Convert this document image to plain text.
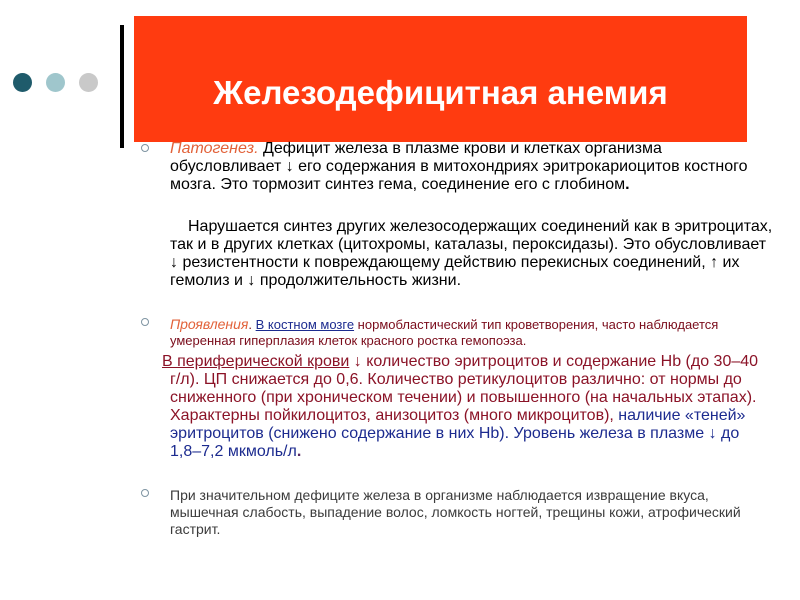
Железодефицитная анемия
Патогенез. Дефицит железа в плазме крови и клетках организма обусловливает ↓ его содержания в митохондриях эритрокариоцитов костного мозга. Это тормозит синтез гема, соединение его с глобином.
Нарушается синтез других железосодержащих соединений как в эритроцитах, так и в других клетках (цитохромы, каталазы, пероксидазы). Это обусловливает ↓ резистентности к повреждающему действию перекисных соединений, ↑ их гемолиз и ↓ продолжительность жизни.
Проявления. В костном мозге нормобластический тип кроветворения, часто наблюдается умеренная гиперплазия клеток красного ростка гемопоэза.
В периферической крови ↓ количество эритроцитов и содержание Hb (до 30–40 г/л). ЦП снижается до 0,6. Количество ретикулоцитов различно: от нормы до сниженного (при хроническом течении) и повышенного (на начальных этапах). Характерны пойкилоцитоз, анизоцитоз (много микроцитов), наличие «теней» эритроцитов (снижено содержание в них Hb). Уровень железа в плазме ↓ до 1,8–7,2 мкмоль/л.
При значительном дефиците железа в организме наблюдается извращение вкуса, мышечная слабость, выпадение волос, ломкость ногтей, трещины кожи, атрофический гастрит.
